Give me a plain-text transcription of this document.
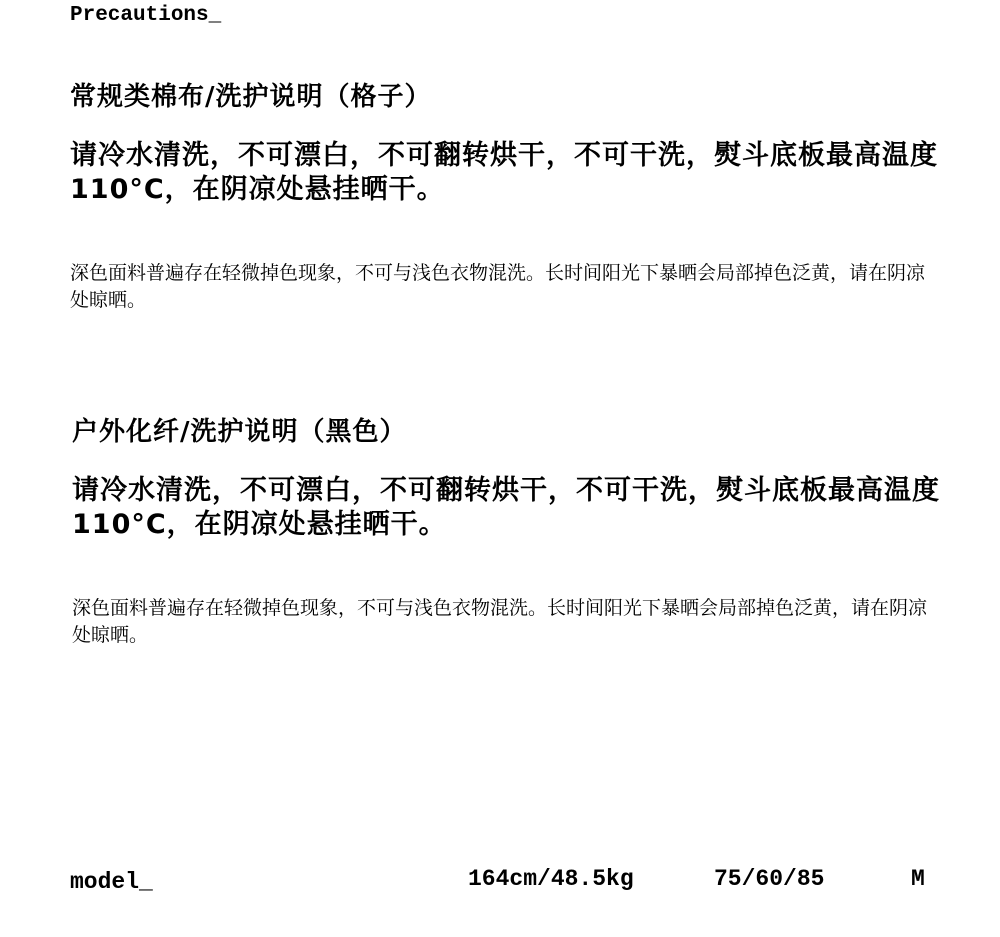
Precautions_
常规类棉布/洗护说明（格子）

请冷水清洗，不可漂白，不可翻转烘干，不可干洗，熨斗底板最高温度110°C，在阴凉处悬挂晒干。

深色面料普遍存在轻微掉色现象，不可与浅色衣物混洗。长时间阳光下暴晒会局部掉色泛黄，请在阴凉处晾晒。

户外化纤/洗护说明（黑色）

请冷水清洗，不可漂白，不可翻转烘干，不可干洗，熨斗底板最高温度110°C，在阴凉处悬挂晒干。

深色面料普遍存在轻微掉色现象，不可与浅色衣物混洗。长时间阳光下暴晒会局部掉色泛黄，请在阴凉处晾晒。

model_	164cm/48.5kg	75/60/85	M
